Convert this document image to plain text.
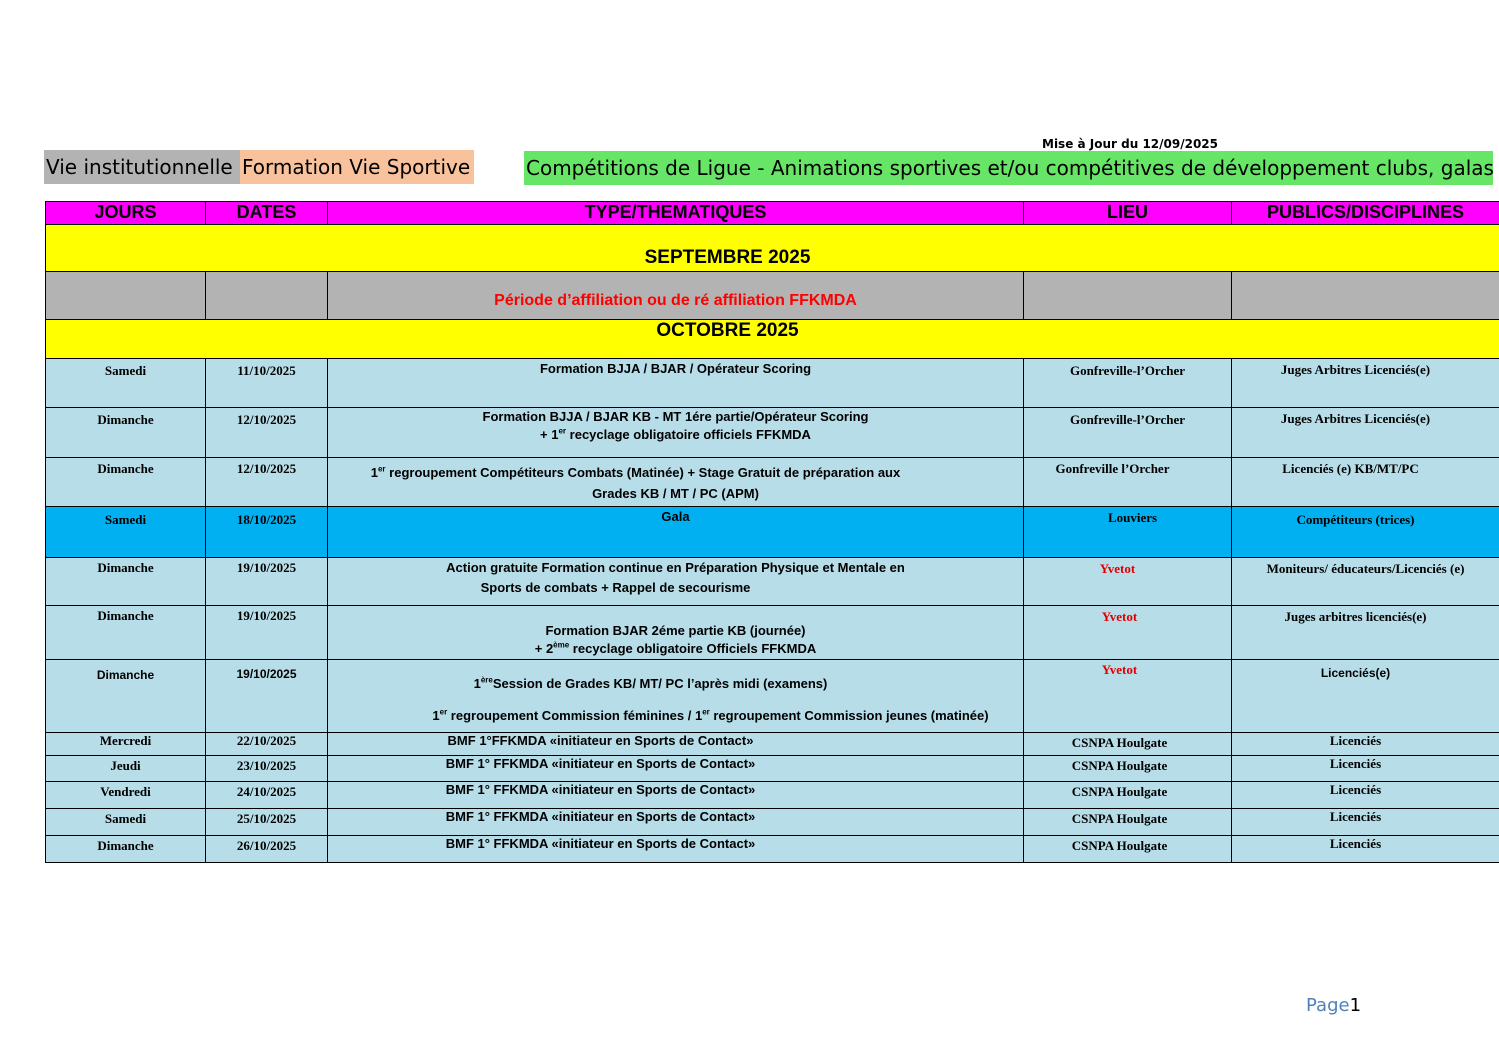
Mise à Jour du 12/09/2025
Vie institutionnelle Formation Vie Sportive	Compétitions de Ligue - Animations sportives et/ou compétitives de développement clubs, galas
JOURS	DATES	TYPE/THEMATIQUES	LIEU	PUBLICS/DISCIPLINES
SEPTEMBRE 2025				
		Période d’affiliation ou de ré affiliation FFKMDA		
OCTOBRE 2025				
Samedi	11/10/2025	Formation BJJA / BJAR / Opérateur Scoring	Gonfreville-l’Orcher	Juges Arbitres Licenciés(e)
Dimanche	12/10/2025	Formation BJJA / BJAR KB - MT 1ére partie/Opérateur Scoring
+ 1er recyclage obligatoire officiels FFKMDA	Gonfreville-l’Orcher	Juges Arbitres Licenciés(e)
Dimanche	12/10/2025	1er regroupement Compétiteurs Combats (Matinée) + Stage Gratuit de préparation aux
Grades KB / MT / PC (APM)	Gonfreville l’Orcher	Licenciés (e) KB/MT/PC
Samedi	18/10/2025	Gala	Louviers	Compétiteurs (trices)
Dimanche	19/10/2025	Action gratuite Formation continue en Préparation Physique et Mentale en
Sports de combats + Rappel de secourisme	Yvetot	Moniteurs/ éducateurs/Licenciés (e)
Dimanche	19/10/2025	Formation BJAR 2éme partie KB (journée)
+ 2ème recyclage obligatoire Officiels FFKMDA	Yvetot	Juges arbitres licenciés(e)
Dimanche	19/10/2025	1èreSession de Grades KB/ MT/ PC l’après midi (examens)
1er regroupement Commission féminines / 1er regroupement Commission jeunes (matinée)	Yvetot	Licenciés(e)
Mercredi	22/10/2025	BMF 1°FFKMDA «initiateur en Sports de Contact»	CSNPA Houlgate	Licenciés
Jeudi	23/10/2025	BMF 1° FFKMDA «initiateur en Sports de Contact»	CSNPA Houlgate	Licenciés
Vendredi	24/10/2025	BMF 1° FFKMDA «initiateur en Sports de Contact»	CSNPA Houlgate	Licenciés
Samedi	25/10/2025	BMF 1° FFKMDA «initiateur en Sports de Contact»	CSNPA Houlgate	Licenciés
Dimanche	26/10/2025	BMF 1° FFKMDA «initiateur en Sports de Contact»	CSNPA Houlgate	Licenciés
Page1
